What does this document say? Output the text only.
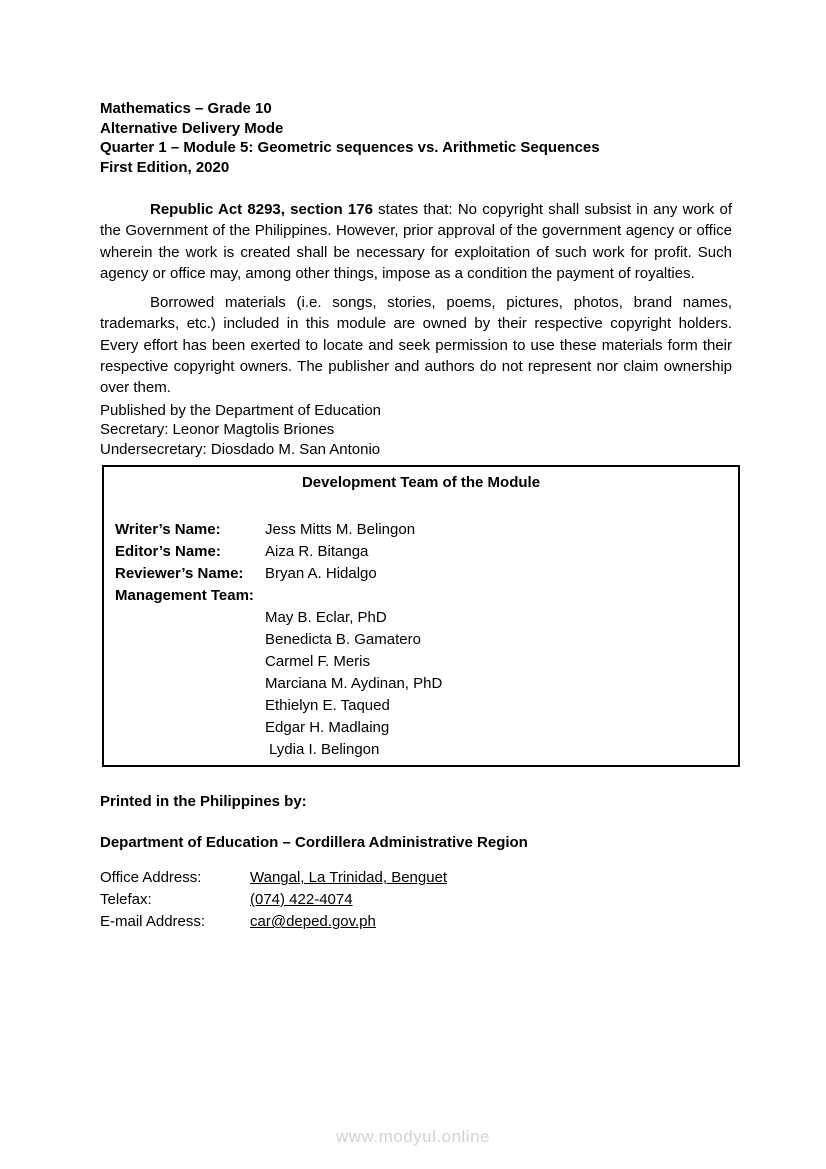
Mathematics – Grade 10

Alternative Delivery Mode

Quarter 1 – Module 5: Geometric sequences vs. Arithmetic Sequences

First Edition, 2020

Republic Act 8293, section 176 states that: No copyright shall subsist in any work of the Government of the Philippines. However, prior approval of the government agency or office wherein the work is created shall be necessary for exploitation of such work for profit. Such agency or office may, among other things, impose as a condition the payment of royalties.

Borrowed materials (i.e. songs, stories, poems, pictures, photos, brand names, trademarks, etc.) included in this module are owned by their respective copyright holders. Every effort has been exerted to locate and seek permission to use these materials form their respective copyright owners. The publisher and authors do not represent nor claim ownership over them.

Published by the Department of Education

Secretary: Leonor Magtolis Briones

Undersecretary: Diosdado M. San Antonio

Development Team of the Module

Writer’s Name:	Jess Mitts M. Belingon
Editor’s Name:	Aiza R. Bitanga
Reviewer’s Name:	Bryan A. Hidalgo

Management Team:

May B. Eclar, PhD
Benedicta B. Gamatero
Carmel F. Meris
Marciana M. Aydinan, PhD
Ethielyn E. Taqued
Edgar H. Madlaing
Lydia I. Belingon

Printed in the Philippines by:

Department of Education – Cordillera Administrative Region

Office Address:	Wangal, La Trinidad, Benguet
Telefax:	(074) 422-4074
E-mail Address:	car@deped.gov.ph
www.modyul.online
